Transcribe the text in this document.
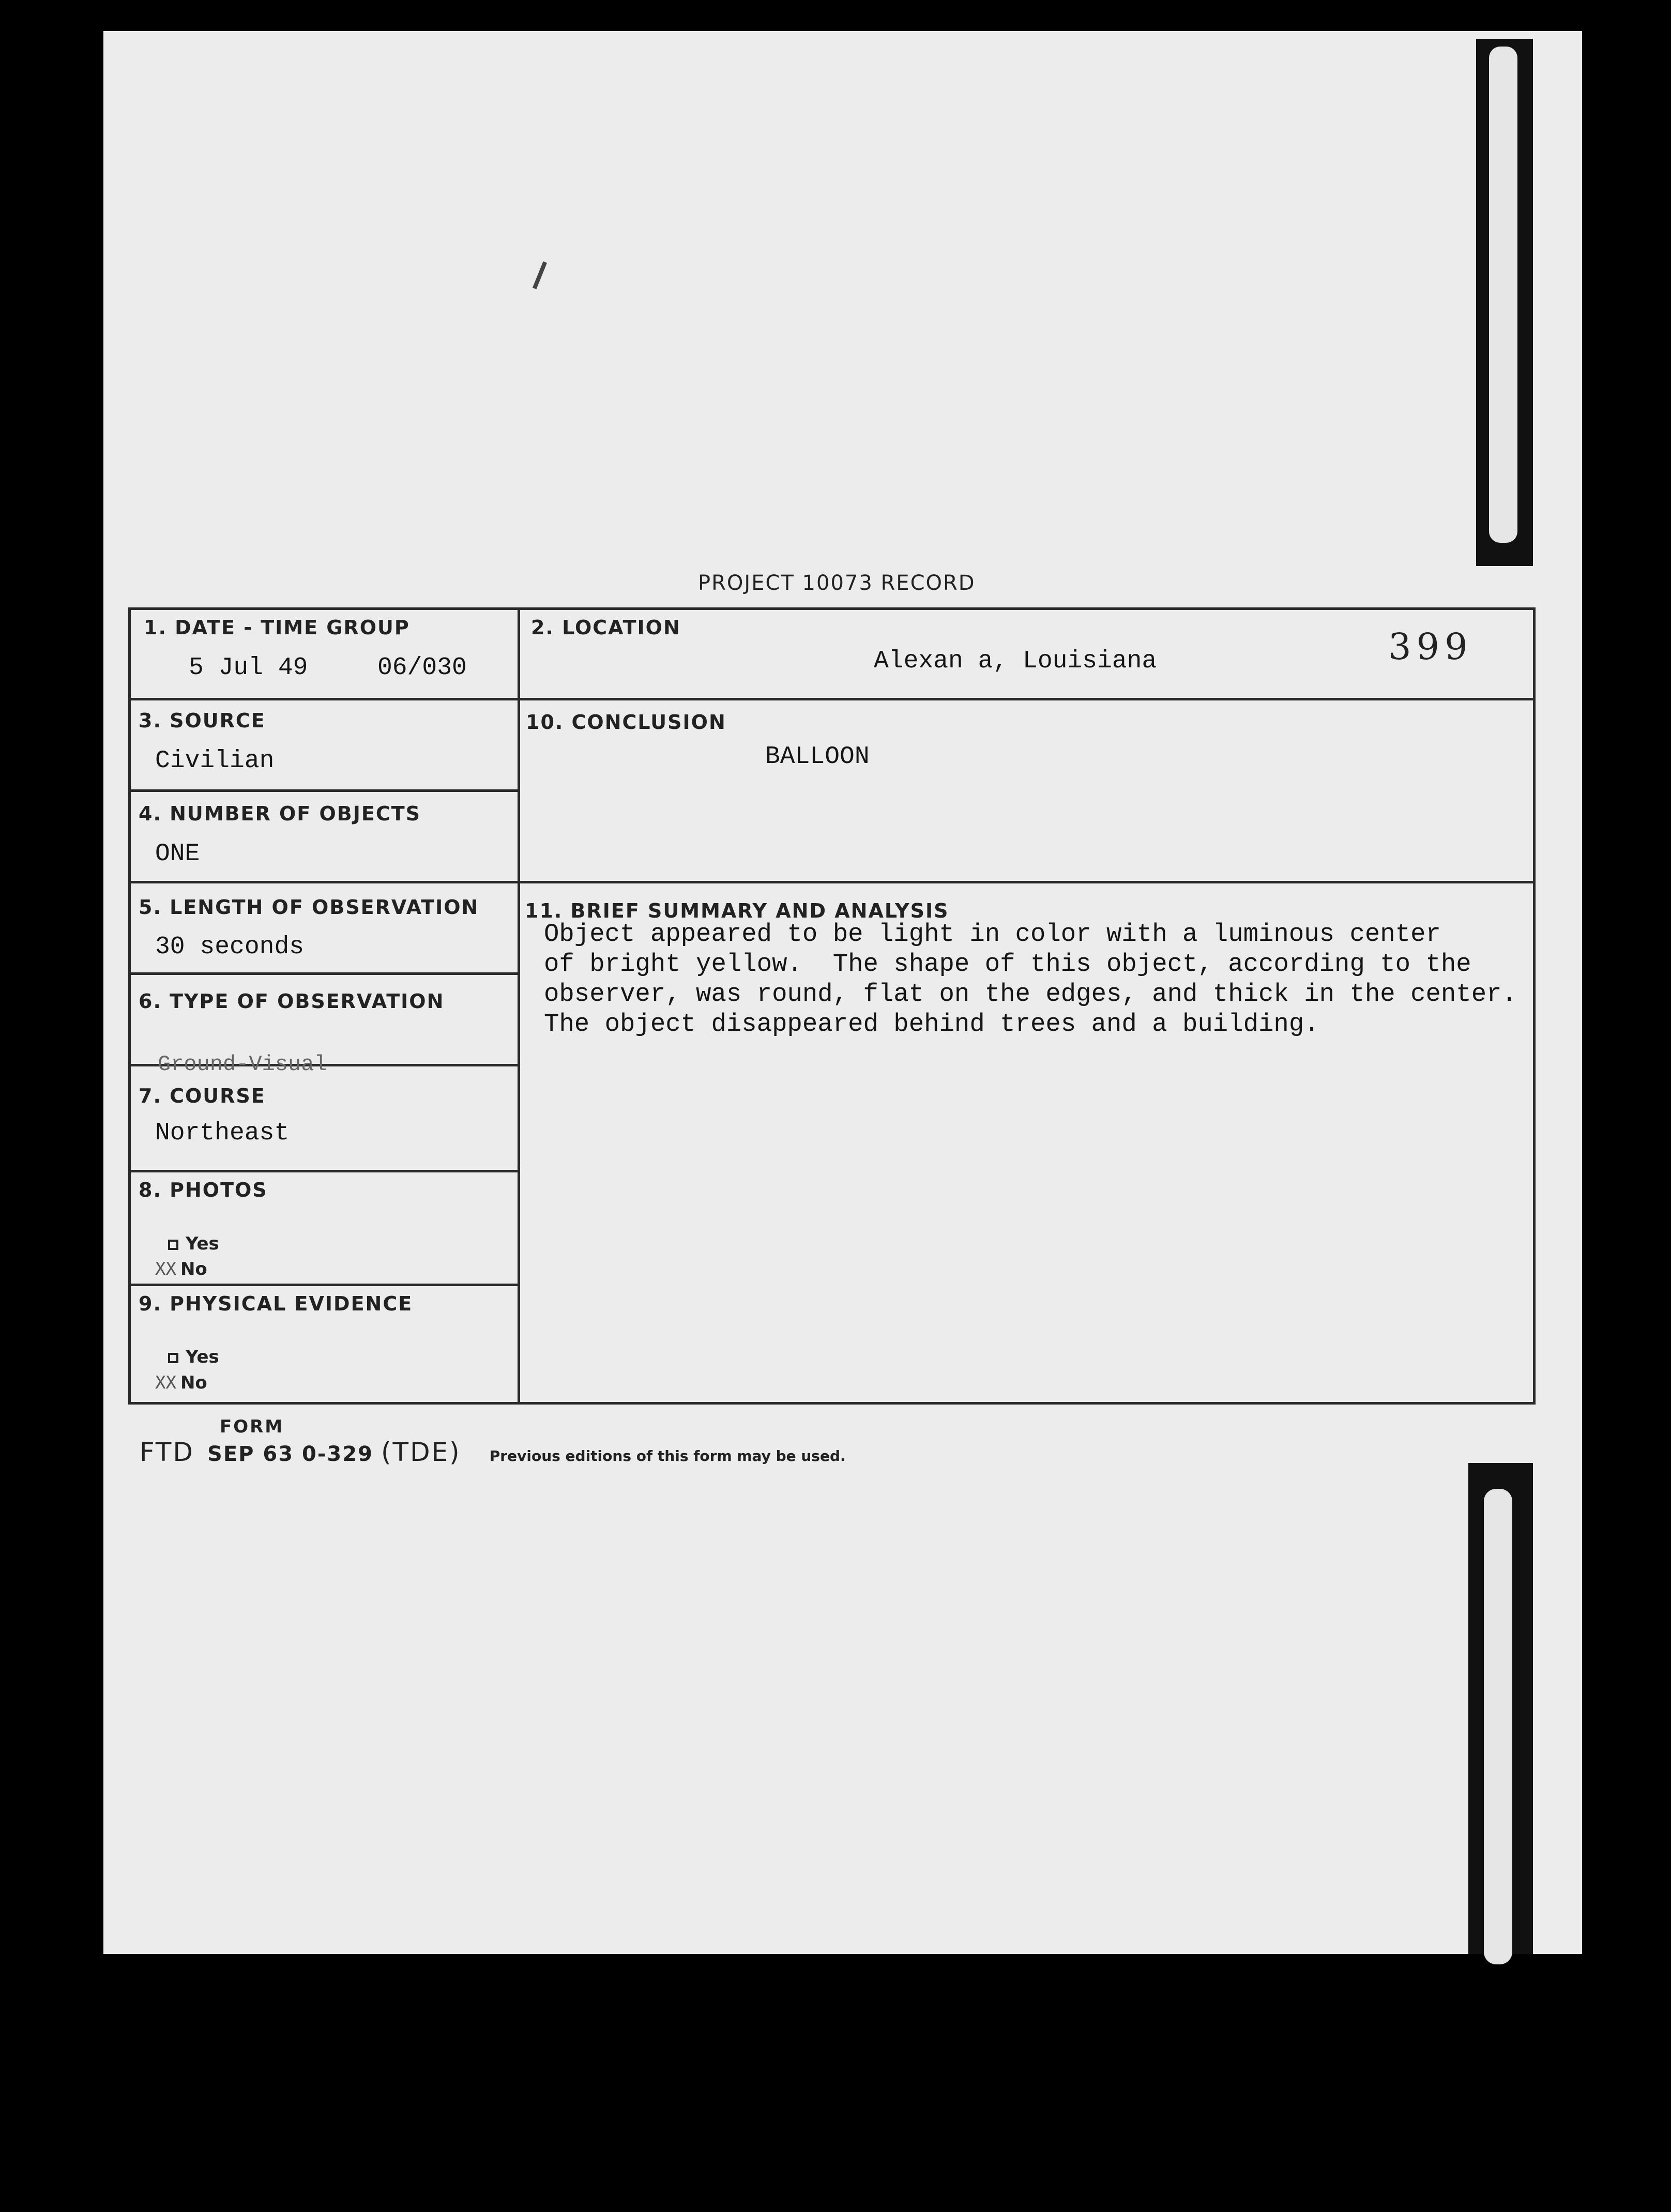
PROJECT 10073 RECORD
1. DATE - TIME GROUP
5 Jul 49	06/030
2. LOCATION
Alexan a, Louisiana	399
3. SOURCE
Civilian
4. NUMBER OF OBJECTS
ONE
10. CONCLUSION
BALLOON
5. LENGTH OF OBSERVATION
30 seconds
6. TYPE OF OBSERVATION
Ground-Visual
7. COURSE
Northeast
8. PHOTOS
Yes
XX No
9. PHYSICAL EVIDENCE
Yes
XX No
11. BRIEF SUMMARY AND ANALYSIS
Object appeared to be light in color with a luminous center
of bright yellow.  The shape of this object, according to the
observer, was round, flat on the edges, and thick in the center.
The object disappeared behind trees and a building.
FORM
FTD SEP 63 0-329 (TDE) Previous editions of this form may be used.
